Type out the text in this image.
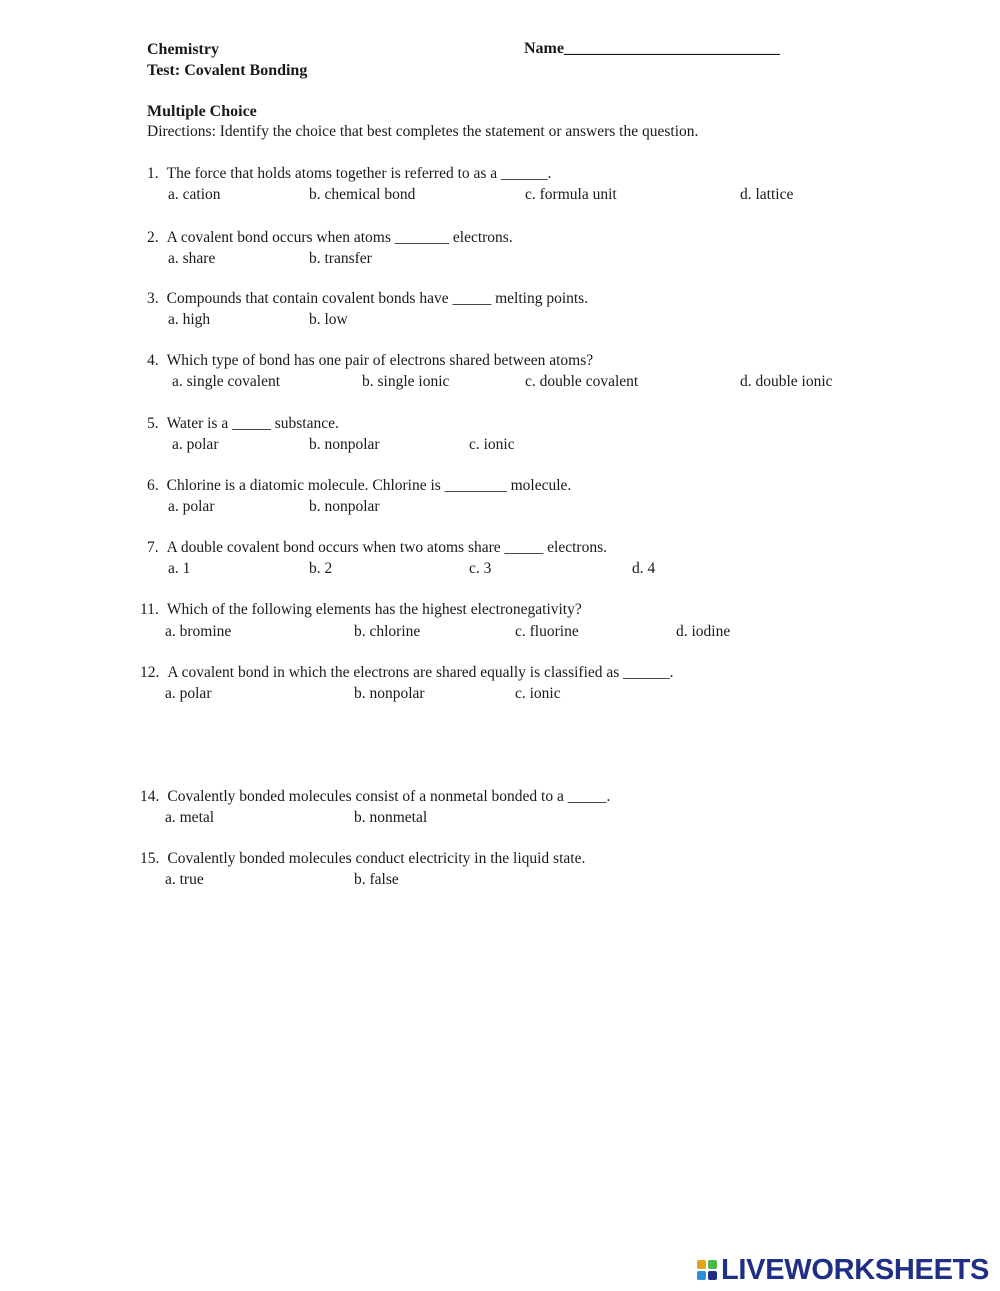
Chemistry
Test: Covalent Bonding
Name___________________________
Multiple Choice
Directions: Identify the choice that best completes the statement or answers the question.
1. The force that holds atoms together is referred to as a ______.
a. cation	b. chemical bond	c. formula unit	d. lattice
2. A covalent bond occurs when atoms _______ electrons.
a. share	b. transfer
3. Compounds that contain covalent bonds have _____ melting points.
a. high	b. low
4. Which type of bond has one pair of electrons shared between atoms?
a. single covalent	b. single ionic	c. double covalent	d. double ionic
5. Water is a _____ substance.
a. polar	b. nonpolar	c. ionic
6. Chlorine is a diatomic molecule. Chlorine is ________ molecule.
a. polar	b. nonpolar
7. A double covalent bond occurs when two atoms share _____ electrons.
a. 1	b. 2	c. 3	d. 4
11. Which of the following elements has the highest electronegativity?
a. bromine	b. chlorine	c. fluorine	d. iodine
12. A covalent bond in which the electrons are shared equally is classified as ______.
a. polar	b. nonpolar	c. ionic
14. Covalently bonded molecules consist of a nonmetal bonded to a _____.
a. metal	b. nonmetal
15. Covalently bonded molecules conduct electricity in the liquid state.
a. true	b. false
LIVEWORKSHEETS
